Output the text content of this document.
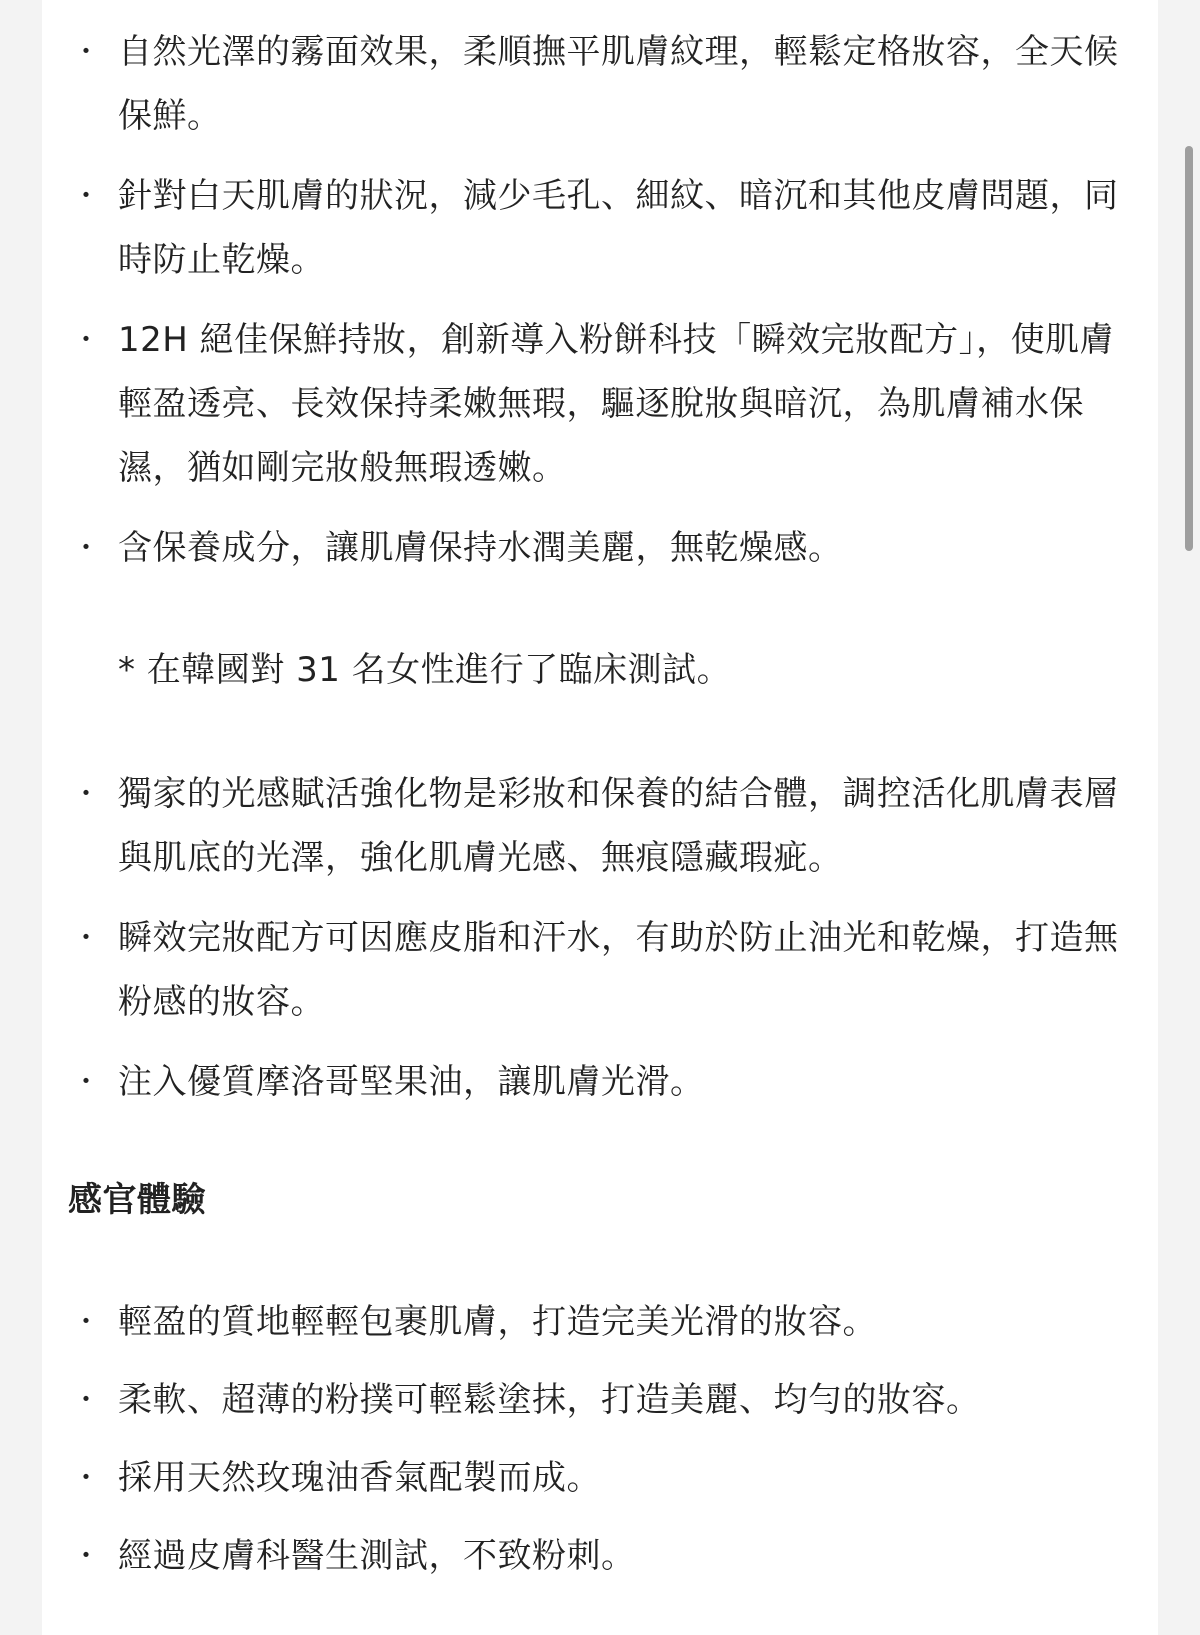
・ 自然光澤的霧面效果，柔順撫平肌膚紋理，輕鬆定格妝容，全天候保鮮。
・ 針對白天肌膚的狀況，減少毛孔、細紋、暗沉和其他皮膚問題，同時防止乾燥。
・ 12H 絕佳保鮮持妝，創新導入粉餅科技「瞬效完妝配方」，使肌膚輕盈透亮、長效保持柔嫩無瑕，驅逐脫妝與暗沉，為肌膚補水保濕，猶如剛完妝般無瑕透嫩。
・ 含保養成分，讓肌膚保持水潤美麗，無乾燥感。

* 在韓國對 31 名女性進行了臨床測試。

・ 獨家的光感賦活強化物是彩妝和保養的結合體，調控活化肌膚表層與肌底的光澤，強化肌膚光感、無痕隱藏瑕疵。
・ 瞬效完妝配方可因應皮脂和汗水，有助於防止油光和乾燥，打造無粉感的妝容。
・ 注入優質摩洛哥堅果油，讓肌膚光滑。
感官體驗
・ 輕盈的質地輕輕包裹肌膚，打造完美光滑的妝容。
・ 柔軟、超薄的粉撲可輕鬆塗抹，打造美麗、均勻的妝容。
・ 採用天然玫瑰油香氣配製而成。
・ 經過皮膚科醫生測試，不致粉刺。
